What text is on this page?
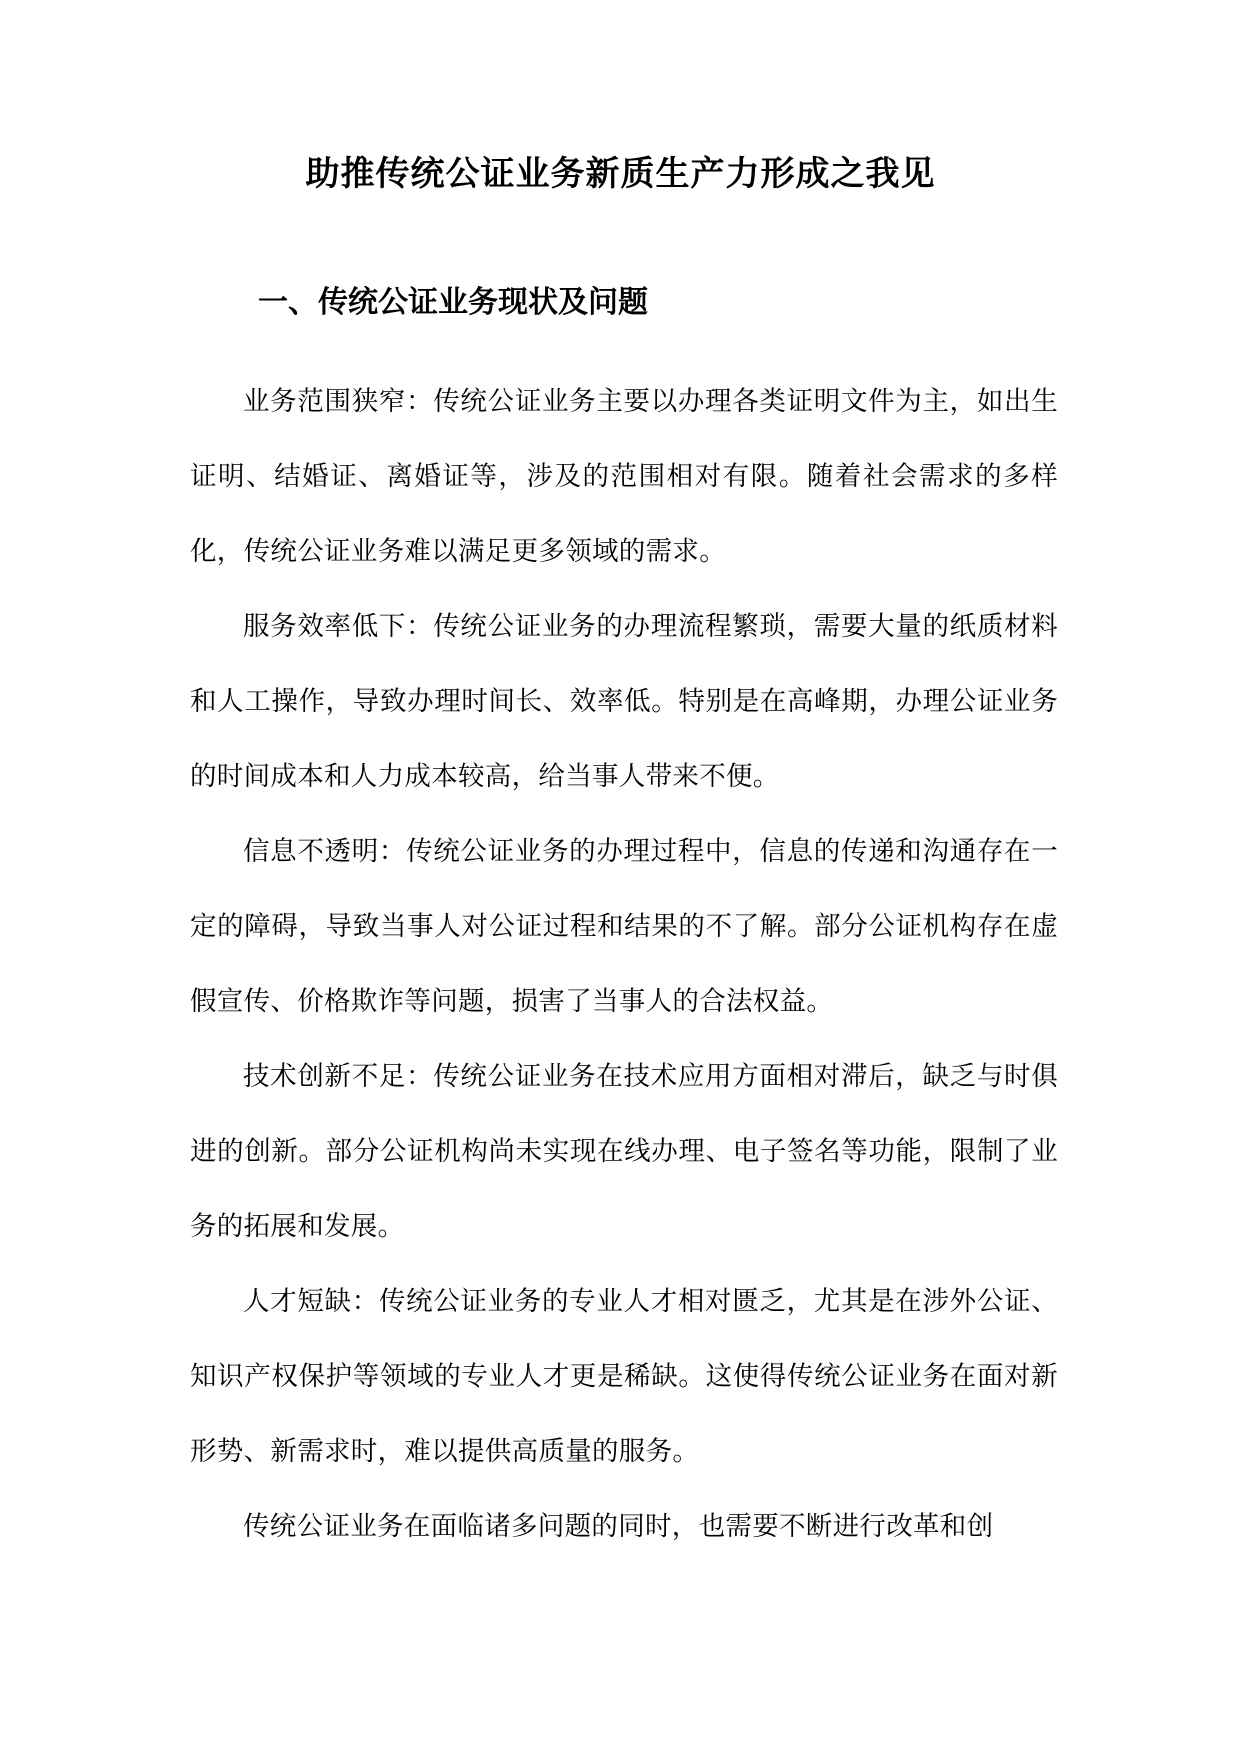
助推传统公证业务新质生产力形成之我见
一、传统公证业务现状及问题

业务范围狭窄：传统公证业务主要以办理各类证明文件为主，如出生证明、结婚证、离婚证等，涉及的范围相对有限。随着社会需求的多样化，传统公证业务难以满足更多领域的需求。

服务效率低下：传统公证业务的办理流程繁琐，需要大量的纸质材料和人工操作，导致办理时间长、效率低。特别是在高峰期，办理公证业务的时间成本和人力成本较高，给当事人带来不便。

信息不透明：传统公证业务的办理过程中，信息的传递和沟通存在一定的障碍，导致当事人对公证过程和结果的不了解。部分公证机构存在虚假宣传、价格欺诈等问题，损害了当事人的合法权益。

技术创新不足：传统公证业务在技术应用方面相对滞后，缺乏与时俱进的创新。部分公证机构尚未实现在线办理、电子签名等功能，限制了业务的拓展和发展。

人才短缺：传统公证业务的专业人才相对匮乏，尤其是在涉外公证、知识产权保护等领域的专业人才更是稀缺。这使得传统公证业务在面对新形势、新需求时，难以提供高质量的服务。

传统公证业务在面临诸多问题的同时，也需要不断进行改革和创
